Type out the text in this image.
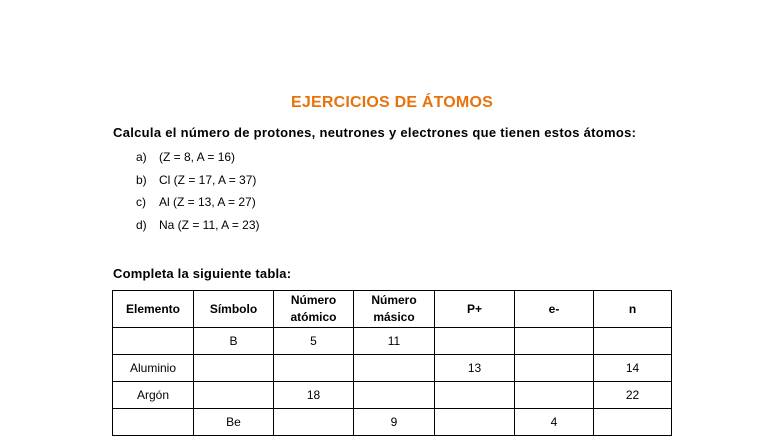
EJERCICIOS DE ÁTOMOS
Calcula el número de protones, neutrones y electrones que tienen estos átomos:
a)	(Z = 8, A = 16)
b)	Cl (Z = 17, A = 37)
c)	Al (Z = 13, A = 27)
d)	Na (Z = 11, A = 23)
Completa la siguiente tabla:
Elemento	Símbolo	Número atómico	Número másico	P+	e-	n
	B	5	11			
Aluminio				13		14
Argón		18				22
	Be		9		4	
